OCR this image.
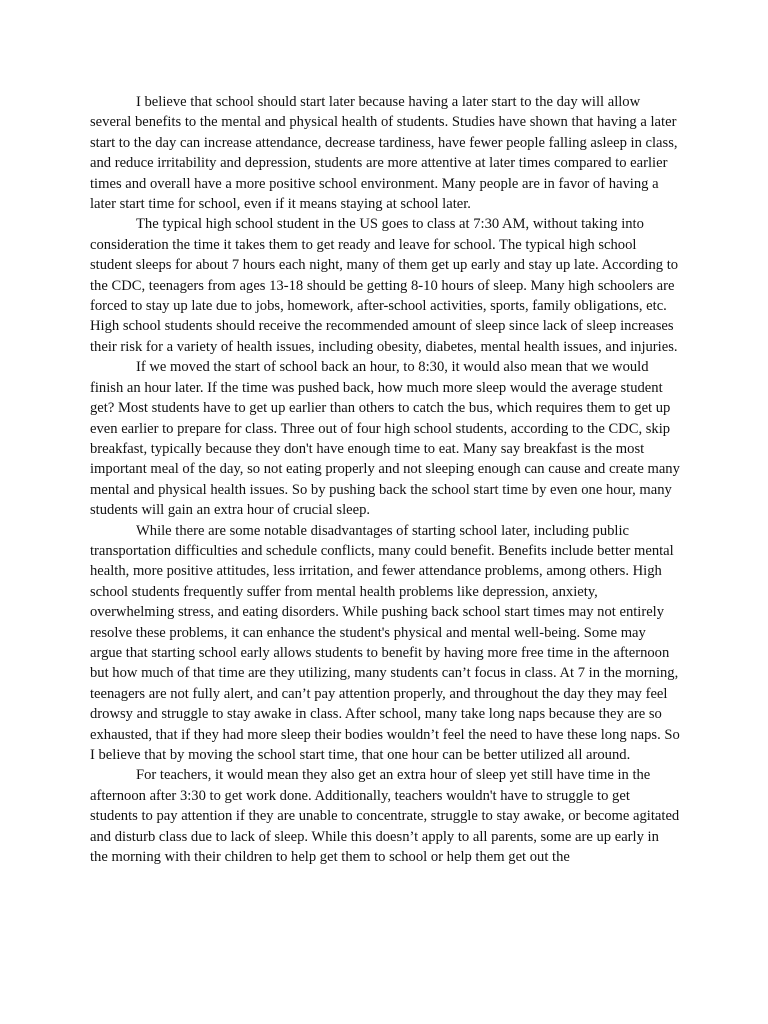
I believe that school should start later because having a later start to the day will allow several benefits to the mental and physical health of students. Studies have shown that having a later start to the day can increase attendance, decrease tardiness, have fewer people falling asleep in class, and reduce irritability and depression, students are more attentive at later times compared to earlier times and overall have a more positive school environment. Many people are in favor of having a later start time for school, even if it means staying at school later.

The typical high school student in the US goes to class at 7:30 AM, without taking into consideration the time it takes them to get ready and leave for school. The typical high school student sleeps for about 7 hours each night, many of them get up early and stay up late. According to the CDC, teenagers from ages 13-18 should be getting 8-10 hours of sleep. Many high schoolers are forced to stay up late due to jobs, homework, after-school activities, sports, family obligations, etc. High school students should receive the recommended amount of sleep since lack of sleep increases their risk for a variety of health issues, including obesity, diabetes, mental health issues, and injuries.

If we moved the start of school back an hour, to 8:30, it would also mean that we would finish an hour later. If the time was pushed back, how much more sleep would the average student get? Most students have to get up earlier than others to catch the bus, which requires them to get up even earlier to prepare for class. Three out of four high school students, according to the CDC, skip breakfast, typically because they don't have enough time to eat. Many say breakfast is the most important meal of the day, so not eating properly and not sleeping enough can cause and create many mental and physical health issues. So by pushing back the school start time by even one hour, many students will gain an extra hour of crucial sleep.

While there are some notable disadvantages of starting school later, including public transportation difficulties and schedule conflicts, many could benefit. Benefits include better mental health, more positive attitudes, less irritation, and fewer attendance problems, among others. High school students frequently suffer from mental health problems like depression, anxiety, overwhelming stress, and eating disorders. While pushing back school start times may not entirely resolve these problems, it can enhance the student's physical and mental well-being. Some may argue that starting school early allows students to benefit by having more free time in the afternoon but how much of that time are they utilizing, many students can’t focus in class. At 7 in the morning, teenagers are not fully alert, and can’t pay attention properly, and throughout the day they may feel drowsy and struggle to stay awake in class. After school, many take long naps because they are so exhausted, that if they had more sleep their bodies wouldn’t feel the need to have these long naps. So I believe that by moving the school start time, that one hour can be better utilized all around.

For teachers, it would mean they also get an extra hour of sleep yet still have time in the afternoon after 3:30 to get work done. Additionally, teachers wouldn't have to struggle to get students to pay attention if they are unable to concentrate, struggle to stay awake, or become agitated and disturb class due to lack of sleep. While this doesn’t apply to all parents, some are up early in the morning with their children to help get them to school or help them get out the
